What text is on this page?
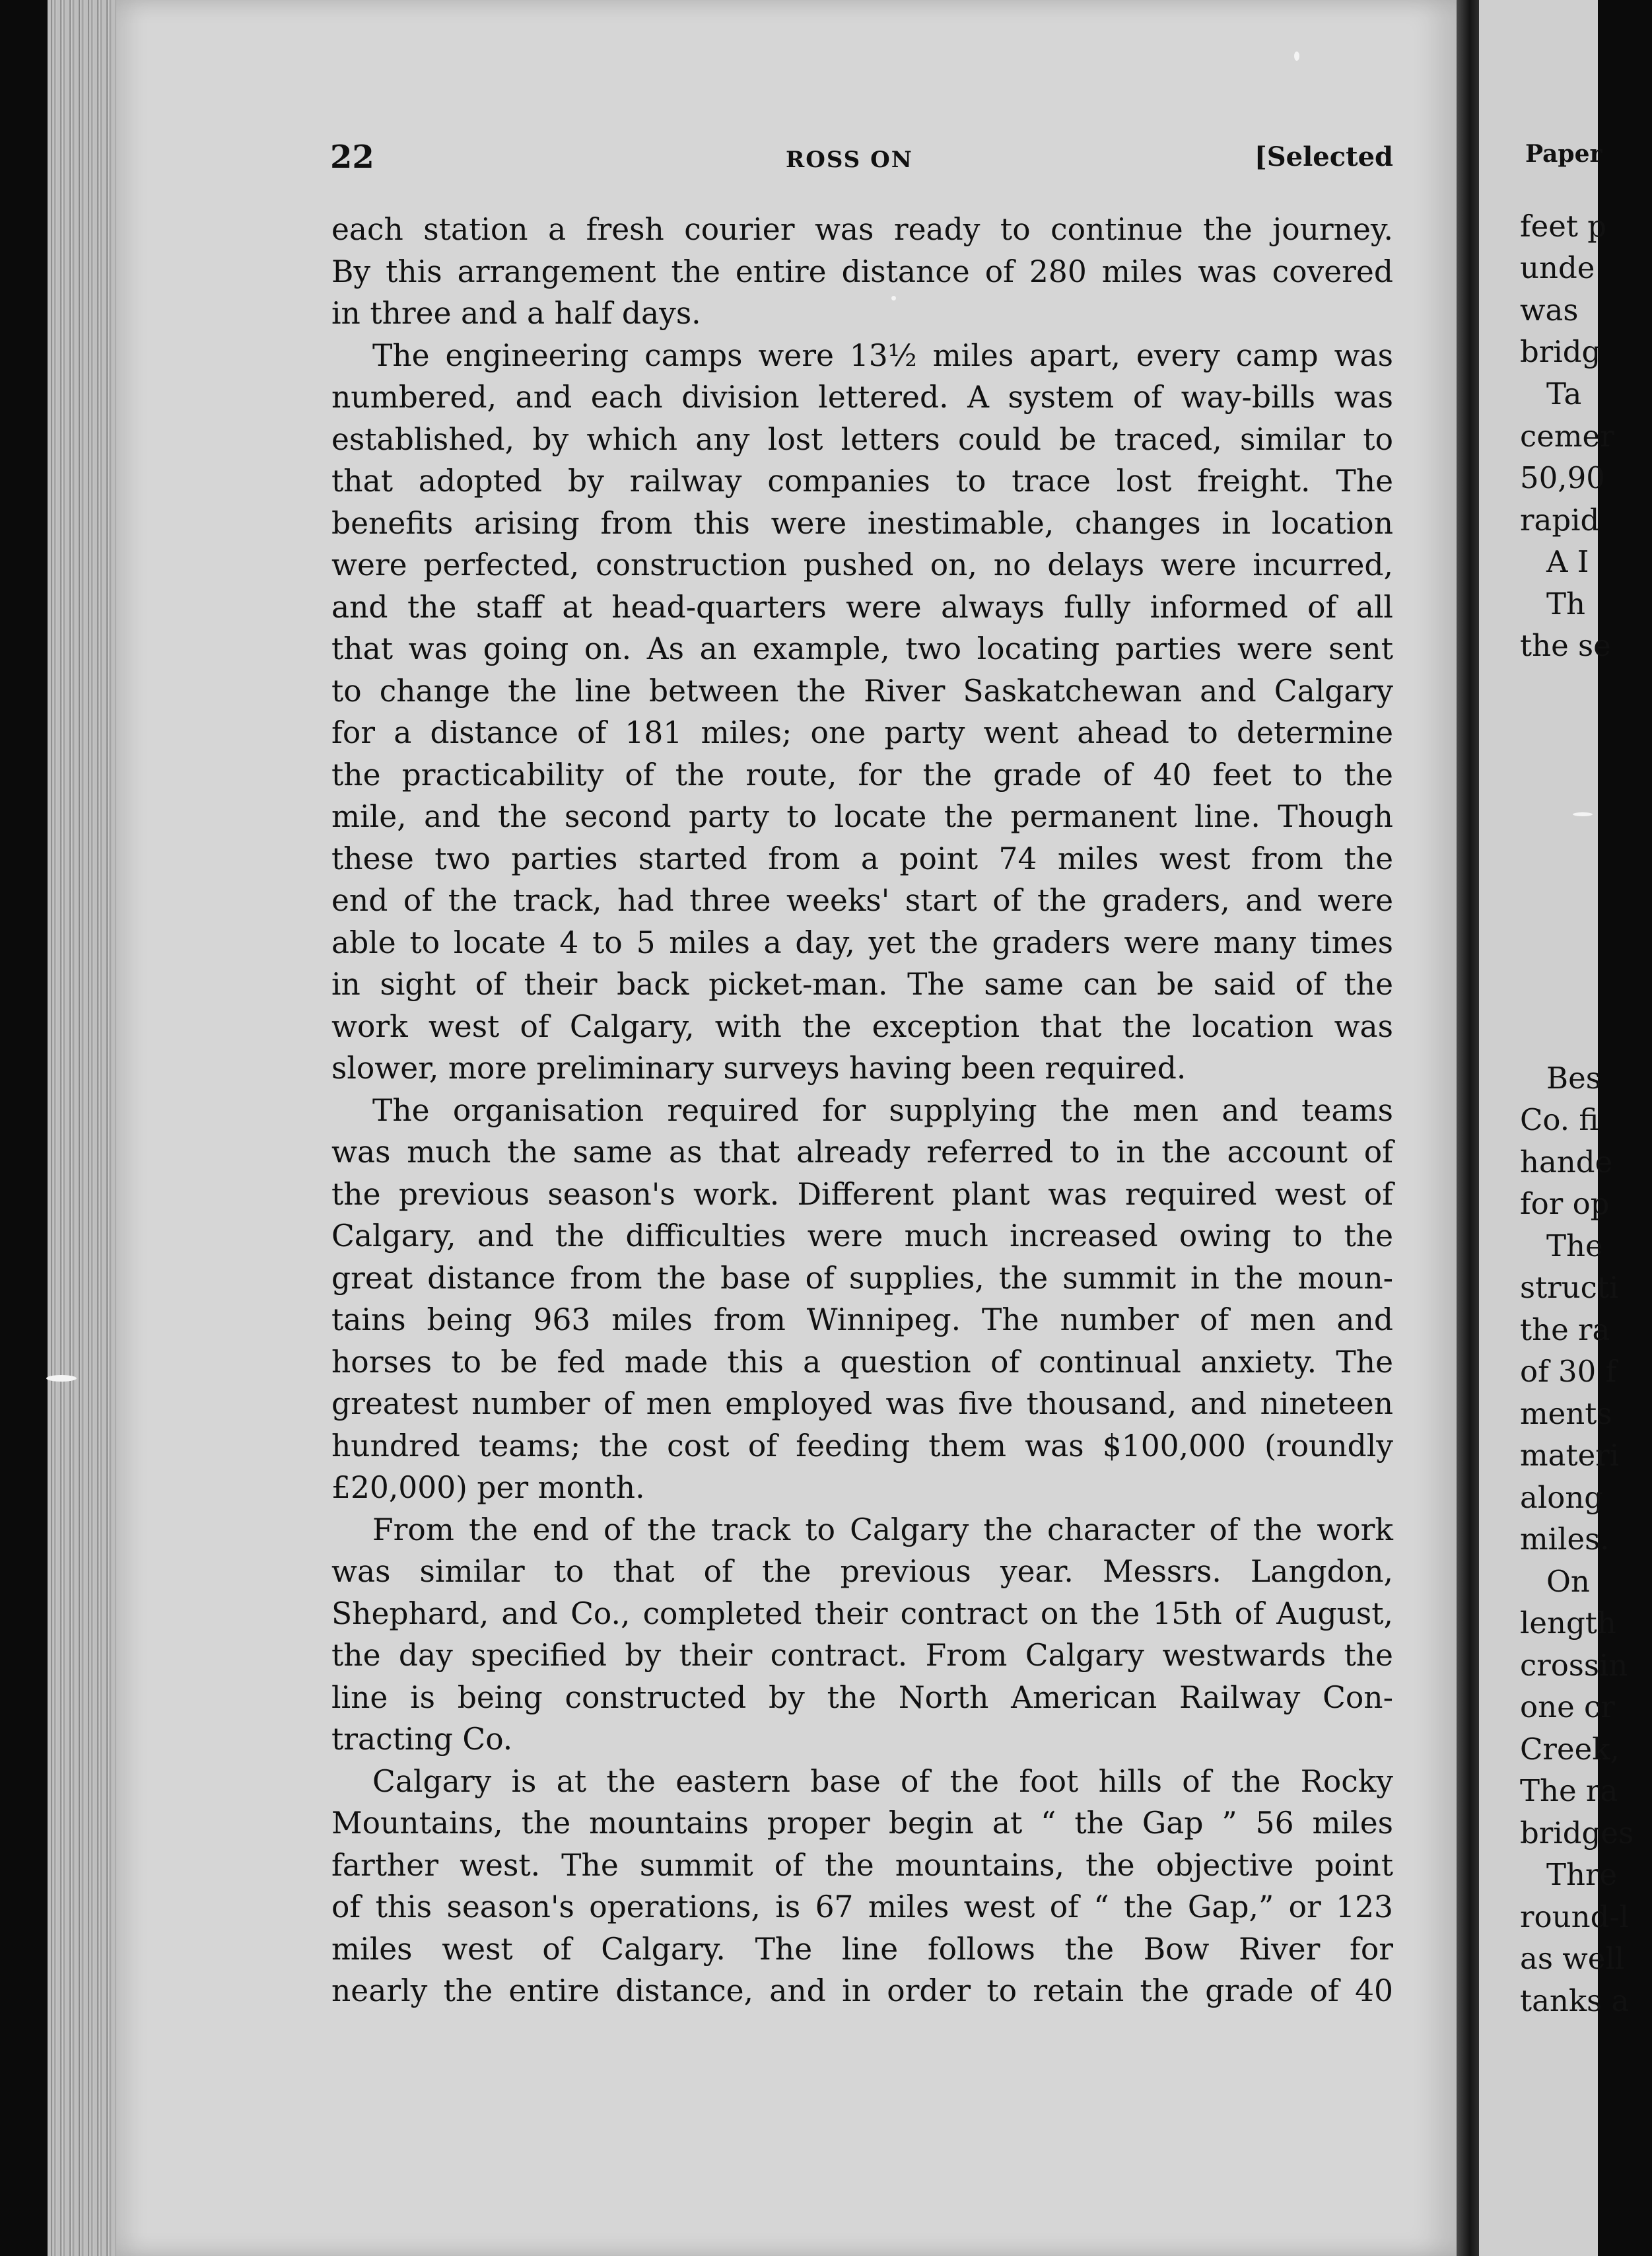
22	ROSS ON	[Selected
each station a fresh courier was ready to continue the journey.
By this arrangement the entire distance of 280 miles was covered
in three and a half days.
The engineering camps were 13½ miles apart, every camp was
numbered, and each division lettered. A system of way-bills was
established, by which any lost letters could be traced, similar to
that adopted by railway companies to trace lost freight. The
benefits arising from this were inestimable, changes in location
were perfected, construction pushed on, no delays were incurred,
and the staff at head-quarters were always fully informed of all
that was going on. As an example, two locating parties were sent
to change the line between the River Saskatchewan and Calgary
for a distance of 181 miles; one party went ahead to determine
the practicability of the route, for the grade of 40 feet to the
mile, and the second party to locate the permanent line. Though
these two parties started from a point 74 miles west from the
end of the track, had three weeks' start of the graders, and were
able to locate 4 to 5 miles a day, yet the graders were many times
in sight of their back picket-man. The same can be said of the
work west of Calgary, with the exception that the location was
slower, more preliminary surveys having been required.
The organisation required for supplying the men and teams
was much the same as that already referred to in the account of
the previous season's work. Different plant was required west of
Calgary, and the difficulties were much increased owing to the
great distance from the base of supplies, the summit in the moun-
tains being 963 miles from Winnipeg. The number of men and
horses to be fed made this a question of continual anxiety. The
greatest number of men employed was five thousand, and nineteen
hundred teams; the cost of feeding them was $100,000 (roundly
£20,000) per month.
From the end of the track to Calgary the character of the work
was similar to that of the previous year. Messrs. Langdon,
Shephard, and Co., completed their contract on the 15th of August,
the day specified by their contract. From Calgary westwards the
line is being constructed by the North American Railway Con-
tracting Co.
Calgary is at the eastern base of the foot hills of the Rocky
Mountains, the mountains proper begin at “ the Gap ” 56 miles
farther west. The summit of the mountains, the objective point
of this season's operations, is 67 miles west of “ the Gap,” or 123
miles west of Calgary. The line follows the Bow River for
nearly the entire distance, and in order to retain the grade of 40
Paper
feet p
unde
was
bridg
Ta
cemer
50,90
rapid
A I
Th
the se
Bes
Co. fi
hande
for op
The
structi
the ra
of 30 f
ments
materi
along
miles.
On
length
crossin
one cr
Creek,
The ra
bridges
Thre
round-l
as well
tanks a
